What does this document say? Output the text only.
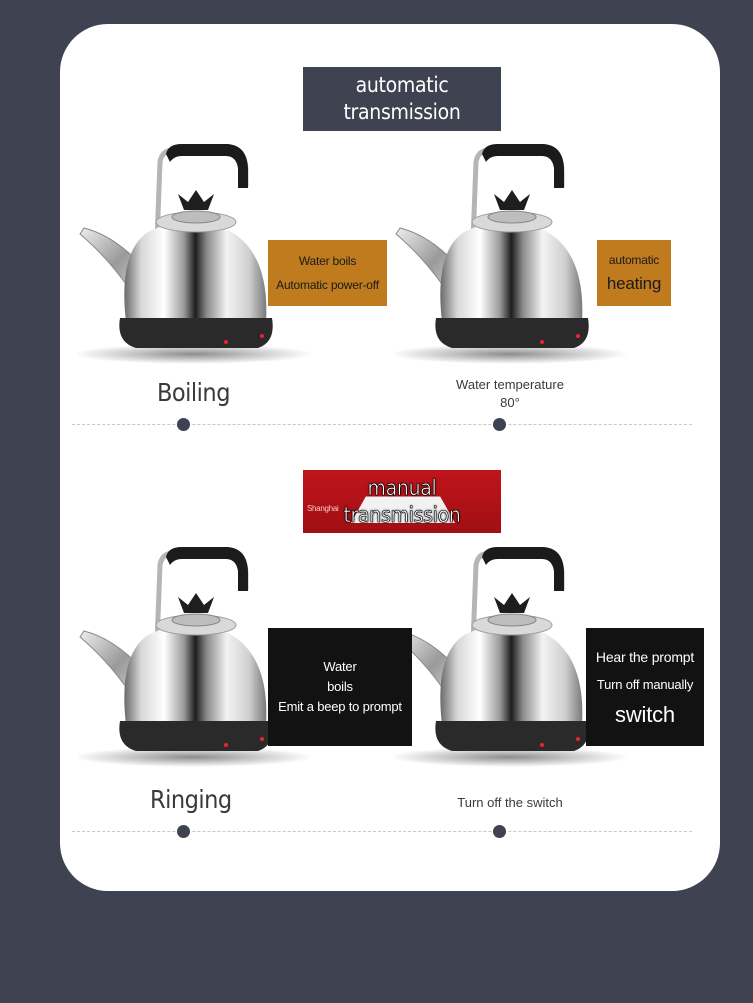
automatic
transmission
Water boils
Automatic power-off
automatic
heating
Boiling	Water temperature
80°
Shanghai
manual
transmission
Water
boils
Emit a beep to prompt
Hear the prompt
Turn off manually
switch
Ringing	Turn off the switch
